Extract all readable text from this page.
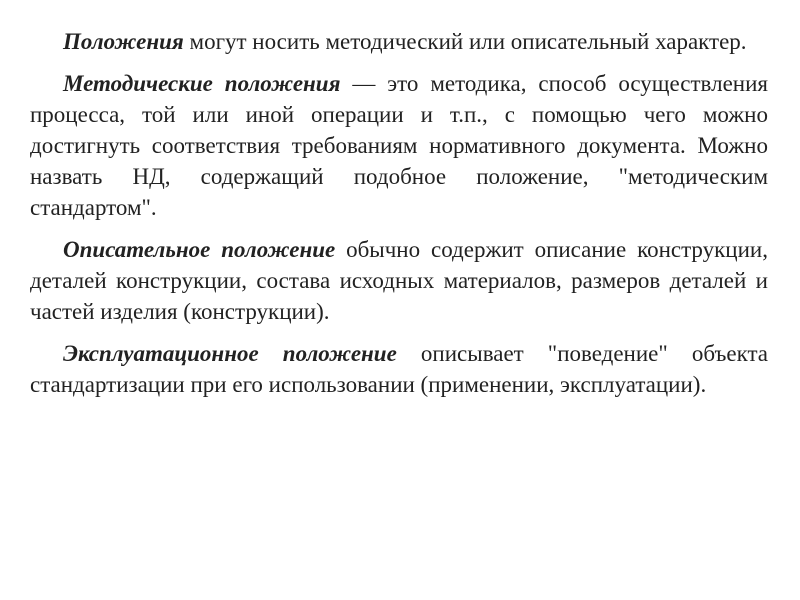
Положения могут носить методический или описательный характер.

Методические положения — это методика, способ осуществления процесса, той или иной операции и т.п., с помощью чего можно достигнуть соответствия требованиям нормативного документа. Можно назвать НД, содержащий подобное положение, "методическим стандартом".

Описательное положение обычно содержит описание конструкции, деталей конструкции, состава исходных материалов, размеров деталей и частей изделия (конструкции).

Эксплуатационное положение описывает "поведение" объекта стандартизации при его использовании (применении, эксплуатации).
